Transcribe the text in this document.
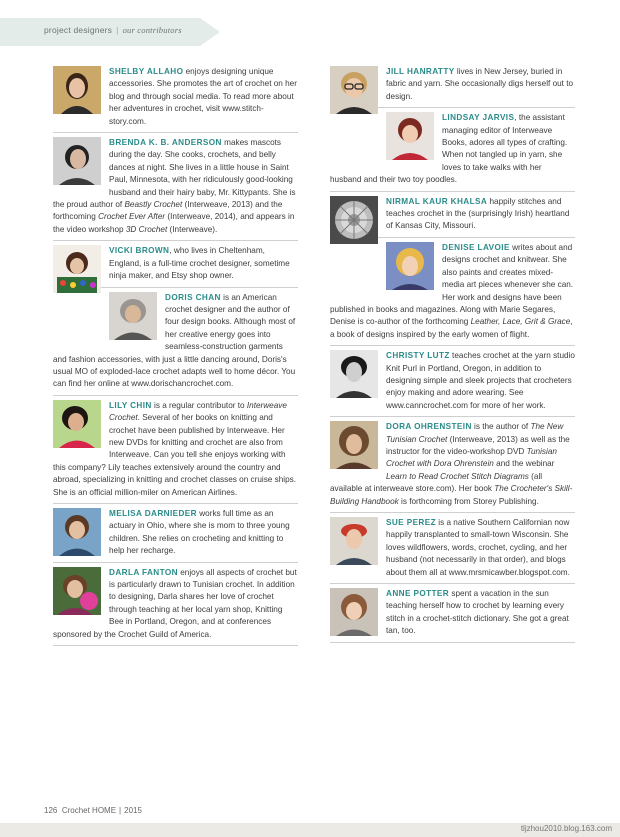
project designers | our contributors

SHELBY ALLAHO enjoys designing unique accessories. She promotes the art of crochet on her blog and through social media. To read more about her adventures in crochet, visit www.stitch-story.com.

BRENDA K. B. ANDERSON makes mascots during the day. She cooks, crochets, and belly dances at night. She lives in a little house in Saint Paul, Minnesota, with her ridiculously good-looking husband and their hairy baby, Mr. Kittypants. She is the proud author of Beastly Crochet (Interweave, 2013) and the forthcoming Crochet Ever After (Interweave, 2014), and appears in the video workshop 3D Crochet (Interweave).

VICKI BROWN, who lives in Cheltenham, England, is a full-time crochet designer, sometime ninja maker, and Etsy shop owner.

DORIS CHAN is an American crochet designer and the author of four design books. Although most of her creative energy goes into seamless-construction garments and fashion accessories, with just a little dancing around, Doris's usual MO of exploded-lace crochet adapts well to home décor. You can find her online at www.dorischancrochet.com.

LILY CHIN is a regular contributor to Interweave Crochet. Several of her books on knitting and crochet have been published by Interweave. Her new DVDs for knitting and crochet are also from Interweave. Can you tell she enjoys working with this company? Lily teaches extensively around the country and abroad, specializing in knitting and crochet classes on cruise ships. She is an official million-miler on American Airlines.

MELISA DARNIEDER works full time as an actuary in Ohio, where she is mom to three young children. She relies on crocheting and knitting to help her recharge.

DARLA FANTON enjoys all aspects of crochet but is particularly drawn to Tunisian crochet. In addition to designing, Darla shares her love of crochet through teaching at her local yarn shop, Knitting Bee in Portland, Oregon, and at conferences sponsored by the Crochet Guild of America.

JILL HANRATTY lives in New Jersey, buried in fabric and yarn. She occasionally digs herself out to design.

LINDSAY JARVIS, the assistant managing editor of Interweave Books, adores all types of crafting. When not tangled up in yarn, she loves to take walks with her husband and their two toy poodles.

NIRMAL KAUR KHALSA happily stitches and teaches crochet in the (surprisingly Irish) heartland of Kansas City, Missouri.

DENISE LAVOIE writes about and designs crochet and knitwear. She also paints and creates mixed-media art pieces whenever she can. Her work and designs have been published in books and magazines. Along with Marie Segares, Denise is co-author of the forthcoming Leather, Lace, Grit & Grace, a book of designs inspired by the early women of flight.

CHRISTY LUTZ teaches crochet at the yarn studio Knit Purl in Portland, Oregon, in addition to designing simple and sleek projects that crocheters enjoy making and adore wearing. See www.canncrochet.com for more of her work.

DORA OHRENSTEIN is the author of The New Tunisian Crochet (Interweave, 2013) as well as the instructor for the video-workshop DVD Tunisian Crochet with Dora Ohrenstein and the webinar Learn to Read Crochet Stitch Diagrams (all available at interweave store.com). Her book The Crocheter's Skill-Building Handbook is forthcoming from Storey Publishing.

SUE PEREZ is a native Southern Californian now happily transplanted to small-town Wisconsin. She loves wildflowers, words, crochet, cycling, and her husband (not necessarily in that order), and blogs about them all at www.mrsmicawber.blogspot.com.

ANNE POTTER spent a vacation in the sun teaching herself how to crochet by learning every stitch in a crochet-stitch dictionary. She got a great tan, too.

126 Crochet HOME | 2015
tljzhou2010.blog.163.com
